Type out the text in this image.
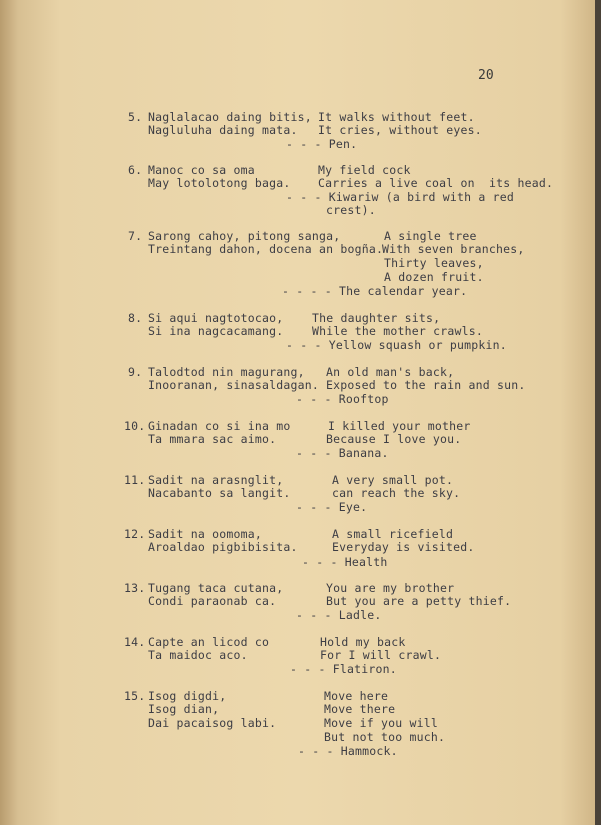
20
5. Naglalacao daing bitis,
Nagluluha daing mata.
It walks without feet.
It cries, without eyes.
- - - Pen.
6. Manoc co sa oma
May lotolotong baga.
My field cock
Carries a live coal on  its head.
- - - Kiwariw (a bird with a red
crest).
7. Sarong cahoy, pitong sanga,
Treintang dahon, docena an bogña.
A single tree
With seven branches,
Thirty leaves,
A dozen fruit.
- - - - The calendar year.
8. Si aqui nagtotocao,
Si ina nagcacamang.
The daughter sits,
While the mother crawls.
- - - Yellow squash or pumpkin.
9. Talodtod nin magurang,
Inooranan, sinasaldagan.
An old man's back,
Exposed to the rain and sun.
- - - Rooftop
10. Ginadan co si ina mo
Ta mmara sac aimo.
I killed your mother
Because I love you.
- - - Banana.
11. Sadit na arasnglit,
Nacabanto sa langit.
A very small pot.
can reach the sky.
- - - Eye.
12. Sadit na oomoma,
Aroaldao pigbibisita.
A small ricefield
Everyday is visited.
- - - Health
13. Tugang taca cutana,
Condi paraonab ca.
You are my brother
But you are a petty thief.
- - - Ladle.
14. Capte an licod co
Ta maidoc aco.
Hold my back
For I will crawl.
- - - Flatiron.
15. Isog digdi,
Isog dian,
Dai pacaisog labi.
Move here
Move there
Move if you will
But not too much.
- - - Hammock.
